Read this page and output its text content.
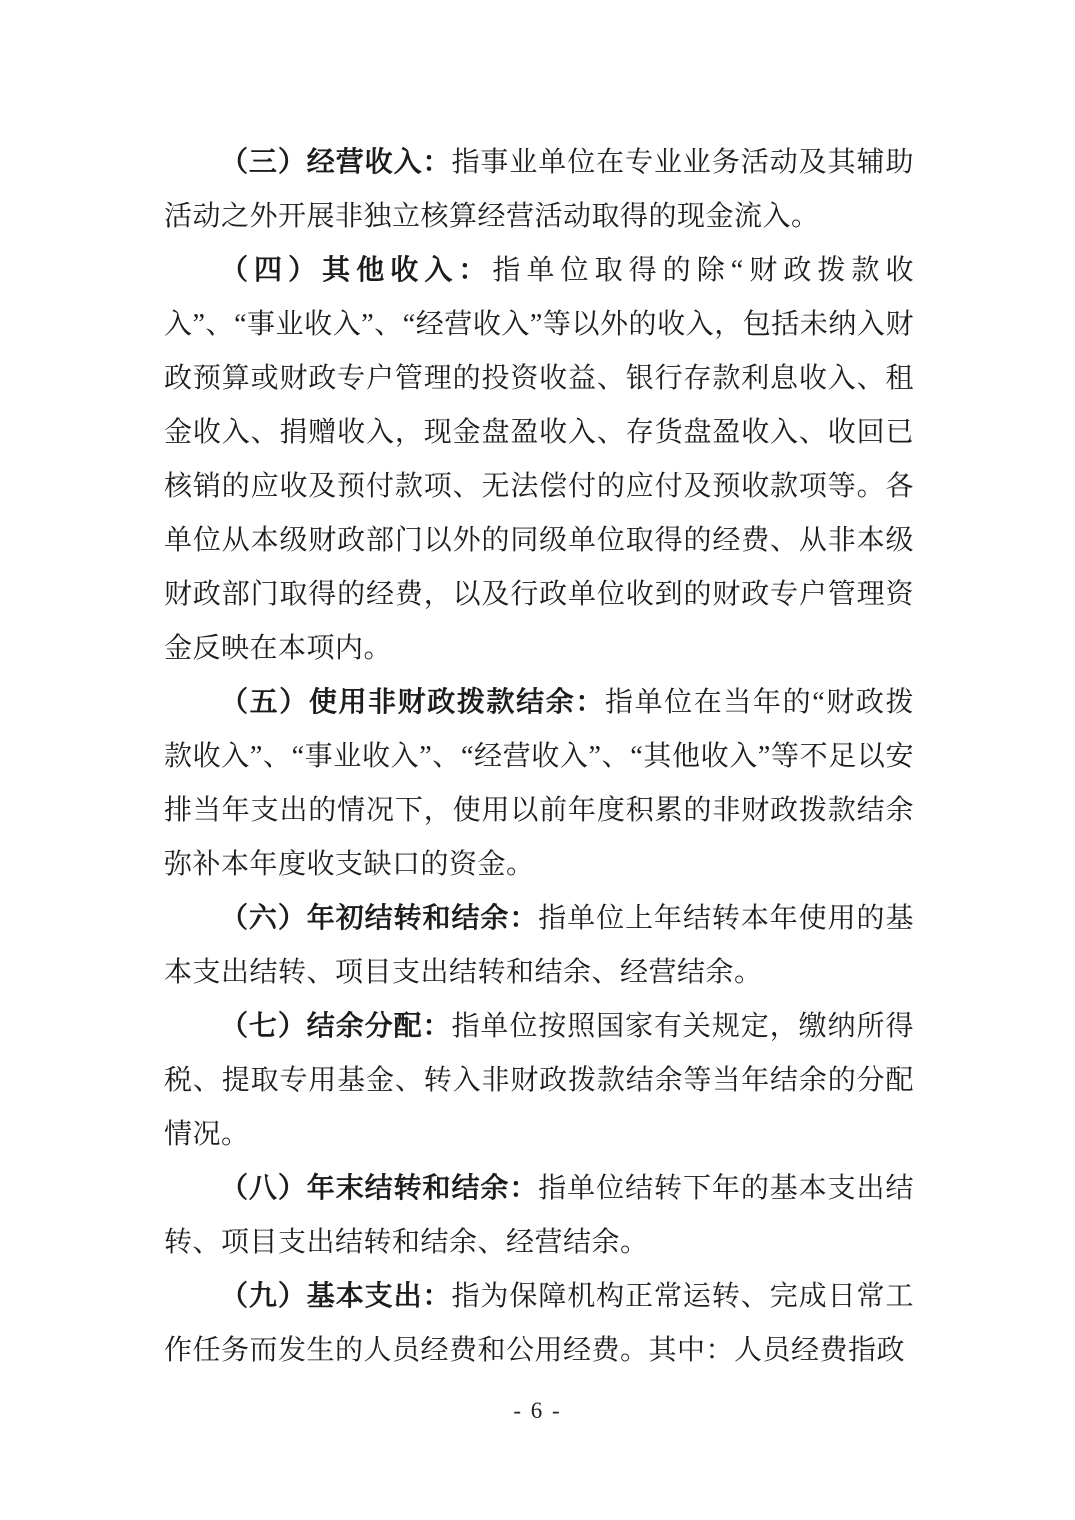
（三）经营收入：指事业单位在专业业务活动及其辅助活动之外开展非独立核算经营活动取得的现金流入。

（四）其他收入：指单位取得的除“财政拨款收入”、“事业收入”、“经营收入”等以外的收入，包括未纳入财政预算或财政专户管理的投资收益、银行存款利息收入、租金收入、捐赠收入，现金盘盈收入、存货盘盈收入、收回已核销的应收及预付款项、无法偿付的应付及预收款项等。各单位从本级财政部门以外的同级单位取得的经费、从非本级财政部门取得的经费，以及行政单位收到的财政专户管理资金反映在本项内。

（五）使用非财政拨款结余：指单位在当年的“财政拨款收入”、“事业收入”、“经营收入”、“其他收入”等不足以安排当年支出的情况下，使用以前年度积累的非财政拨款结余弥补本年度收支缺口的资金。

（六）年初结转和结余：指单位上年结转本年使用的基本支出结转、项目支出结转和结余、经营结余。

（七）结余分配：指单位按照国家有关规定，缴纳所得税、提取专用基金、转入非财政拨款结余等当年结余的分配情况。

（八）年末结转和结余：指单位结转下年的基本支出结转、项目支出结转和结余、经营结余。

（九）基本支出：指为保障机构正常运转、完成日常工作任务而发生的人员经费和公用经费。其中：人员经费指政

- 6 -
